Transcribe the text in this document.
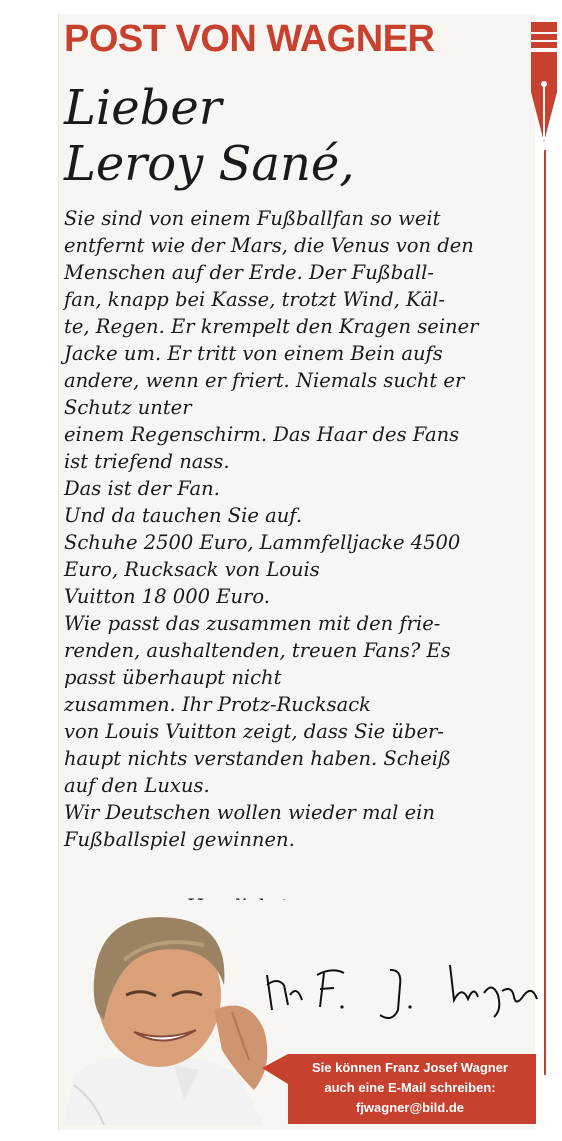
POST VON WAGNER
Lieber
Leroy Sané,
Sie sind von einem Fußballfan so weit
entfernt wie der Mars, die Venus von den
Menschen auf der Erde. Der Fußball-
fan, knapp bei Kasse, trotzt Wind, Käl-
te, Regen. Er krempelt den Kragen seiner
Jacke um. Er tritt von einem Bein aufs
andere, wenn er friert. Niemals sucht er
Schutz unter
einem Regenschirm. Das Haar des Fans
ist triefend nass.
Das ist der Fan.
Und da tauchen Sie auf.
Schuhe 2500 Euro, Lammfelljacke 4500
Euro, Rucksack von Louis
Vuitton 18 000 Euro.
Wie passt das zusammen mit den frie-
renden, aushaltenden, treuen Fans? Es
passt überhaupt nicht
zusammen. Ihr Protz-Rucksack
von Louis Vuitton zeigt, dass Sie über-
haupt nichts verstanden haben. Scheiß
auf den Luxus.
Wir Deutschen wollen wieder mal ein
Fußballspiel gewinnen.
Sie können Franz Josef Wagner
auch eine E-Mail schreiben:
fjwagner@bild.de
